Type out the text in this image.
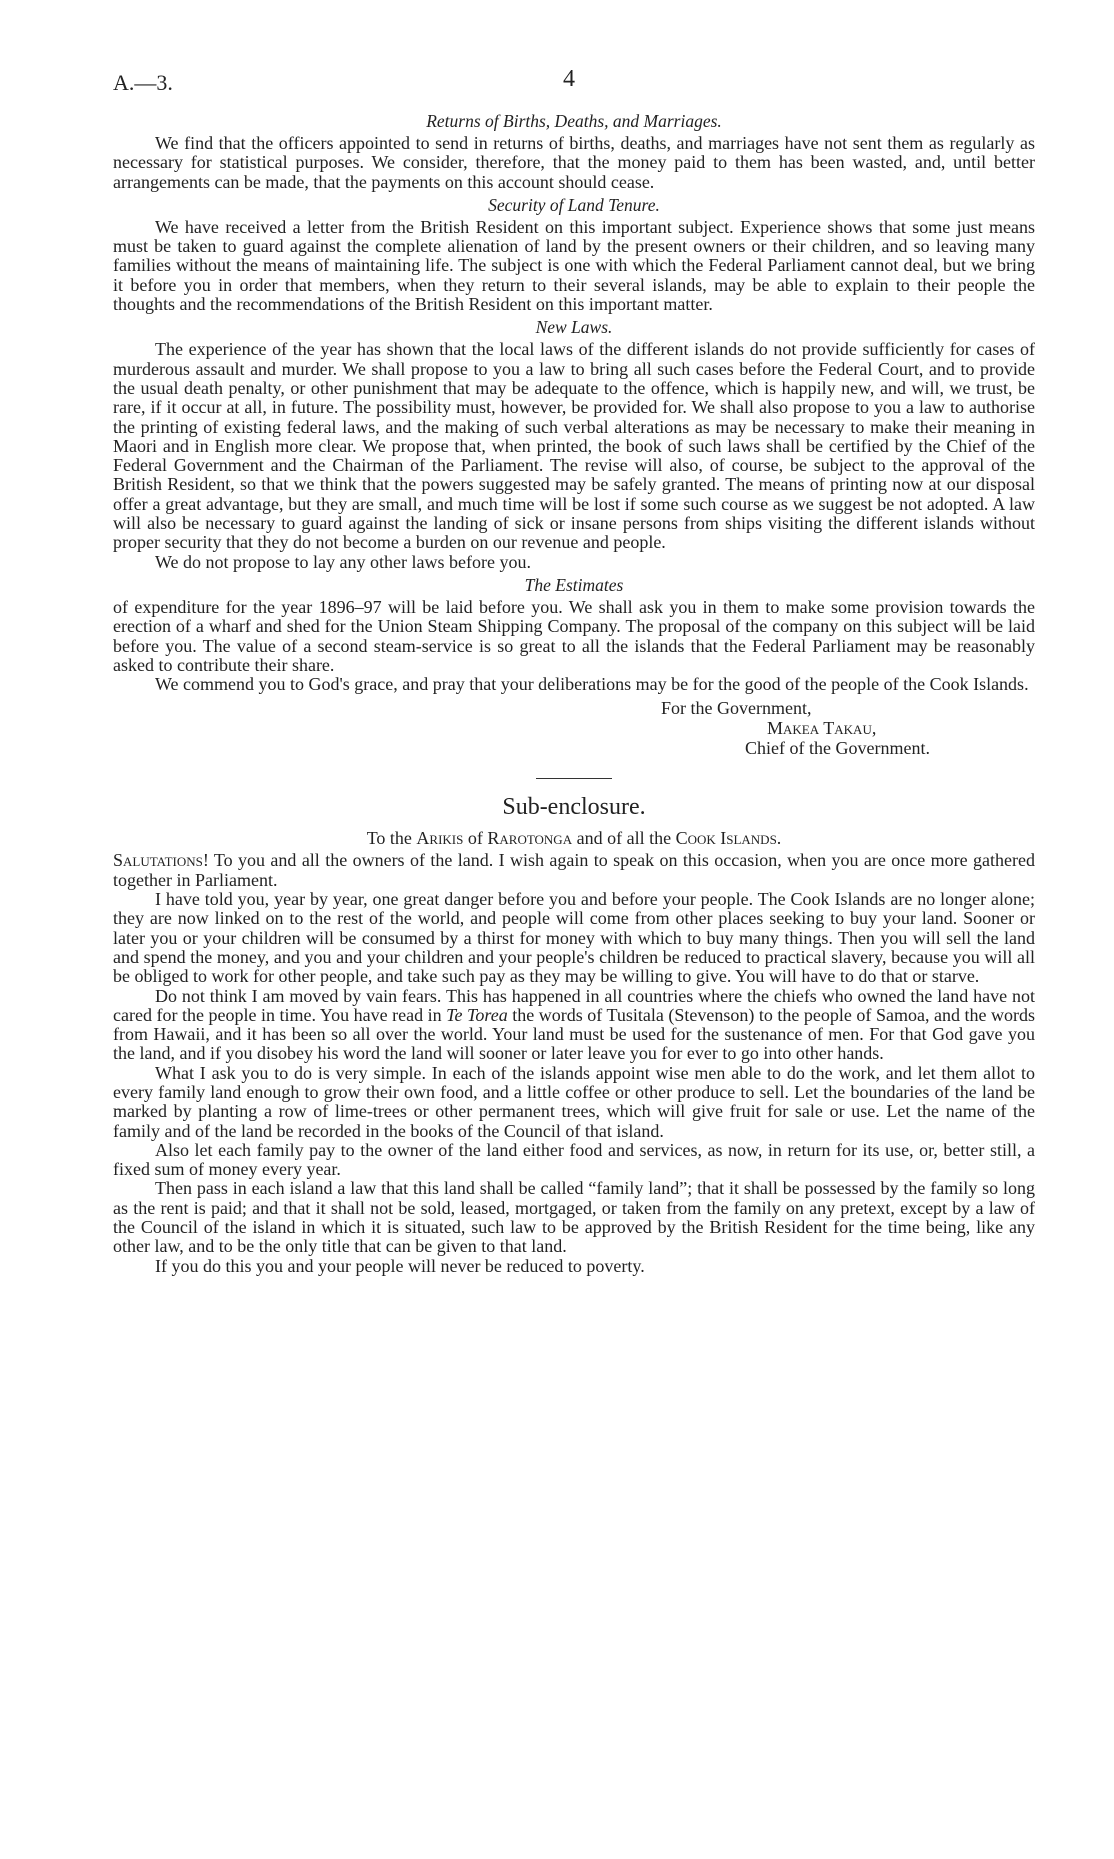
A.—3.	4
Returns of Births, Deaths, and Marriages.

We find that the officers appointed to send in returns of births, deaths, and marriages have not sent them as regularly as necessary for statistical purposes. We consider, therefore, that the money paid to them has been wasted, and, until better arrangements can be made, that the payments on this account should cease.

Security of Land Tenure.

We have received a letter from the British Resident on this important subject. Experience shows that some just means must be taken to guard against the complete alienation of land by the present owners or their children, and so leaving many families without the means of maintaining life. The subject is one with which the Federal Parliament cannot deal, but we bring it before you in order that members, when they return to their several islands, may be able to explain to their people the thoughts and the recommendations of the British Resident on this important matter.

New Laws.

The experience of the year has shown that the local laws of the different islands do not provide sufficiently for cases of murderous assault and murder. We shall propose to you a law to bring all such cases before the Federal Court, and to provide the usual death penalty, or other punishment that may be adequate to the offence, which is happily new, and will, we trust, be rare, if it occur at all, in future. The possibility must, however, be provided for. We shall also propose to you a law to authorise the printing of existing federal laws, and the making of such verbal alterations as may be necessary to make their meaning in Maori and in English more clear. We propose that, when printed, the book of such laws shall be certified by the Chief of the Federal Government and the Chairman of the Parliament. The revise will also, of course, be subject to the approval of the British Resident, so that we think that the powers suggested may be safely granted. The means of printing now at our disposal offer a great advantage, but they are small, and much time will be lost if some such course as we suggest be not adopted. A law will also be necessary to guard against the landing of sick or insane persons from ships visiting the different islands without proper security that they do not become a burden on our revenue and people.

We do not propose to lay any other laws before you.

The Estimates

of expenditure for the year 1896–97 will be laid before you. We shall ask you in them to make some provision towards the erection of a wharf and shed for the Union Steam Shipping Company. The proposal of the company on this subject will be laid before you. The value of a second steam-service is so great to all the islands that the Federal Parliament may be reasonably asked to contribute their share.

We commend you to God's grace, and pray that your deliberations may be for the good of the people of the Cook Islands.

For the Government,
Makea Takau,
Chief of the Government.
Sub-enclosure.
To the Arikis of Rarotonga and of all the Cook Islands.

Salutations! To you and all the owners of the land. I wish again to speak on this occasion, when you are once more gathered together in Parliament.

I have told you, year by year, one great danger before you and before your people. The Cook Islands are no longer alone; they are now linked on to the rest of the world, and people will come from other places seeking to buy your land. Sooner or later you or your children will be consumed by a thirst for money with which to buy many things. Then you will sell the land and spend the money, and you and your children and your people's children be reduced to practical slavery, because you will all be obliged to work for other people, and take such pay as they may be willing to give. You will have to do that or starve.

Do not think I am moved by vain fears. This has happened in all countries where the chiefs who owned the land have not cared for the people in time. You have read in Te Torea the words of Tusitala (Stevenson) to the people of Samoa, and the words from Hawaii, and it has been so all over the world. Your land must be used for the sustenance of men. For that God gave you the land, and if you disobey his word the land will sooner or later leave you for ever to go into other hands.

What I ask you to do is very simple. In each of the islands appoint wise men able to do the work, and let them allot to every family land enough to grow their own food, and a little coffee or other produce to sell. Let the boundaries of the land be marked by planting a row of lime-trees or other permanent trees, which will give fruit for sale or use. Let the name of the family and of the land be recorded in the books of the Council of that island.

Also let each family pay to the owner of the land either food and services, as now, in return for its use, or, better still, a fixed sum of money every year.

Then pass in each island a law that this land shall be called “family land”; that it shall be possessed by the family so long as the rent is paid; and that it shall not be sold, leased, mortgaged, or taken from the family on any pretext, except by a law of the Council of the island in which it is situated, such law to be approved by the British Resident for the time being, like any other law, and to be the only title that can be given to that land.

If you do this you and your people will never be reduced to poverty.
